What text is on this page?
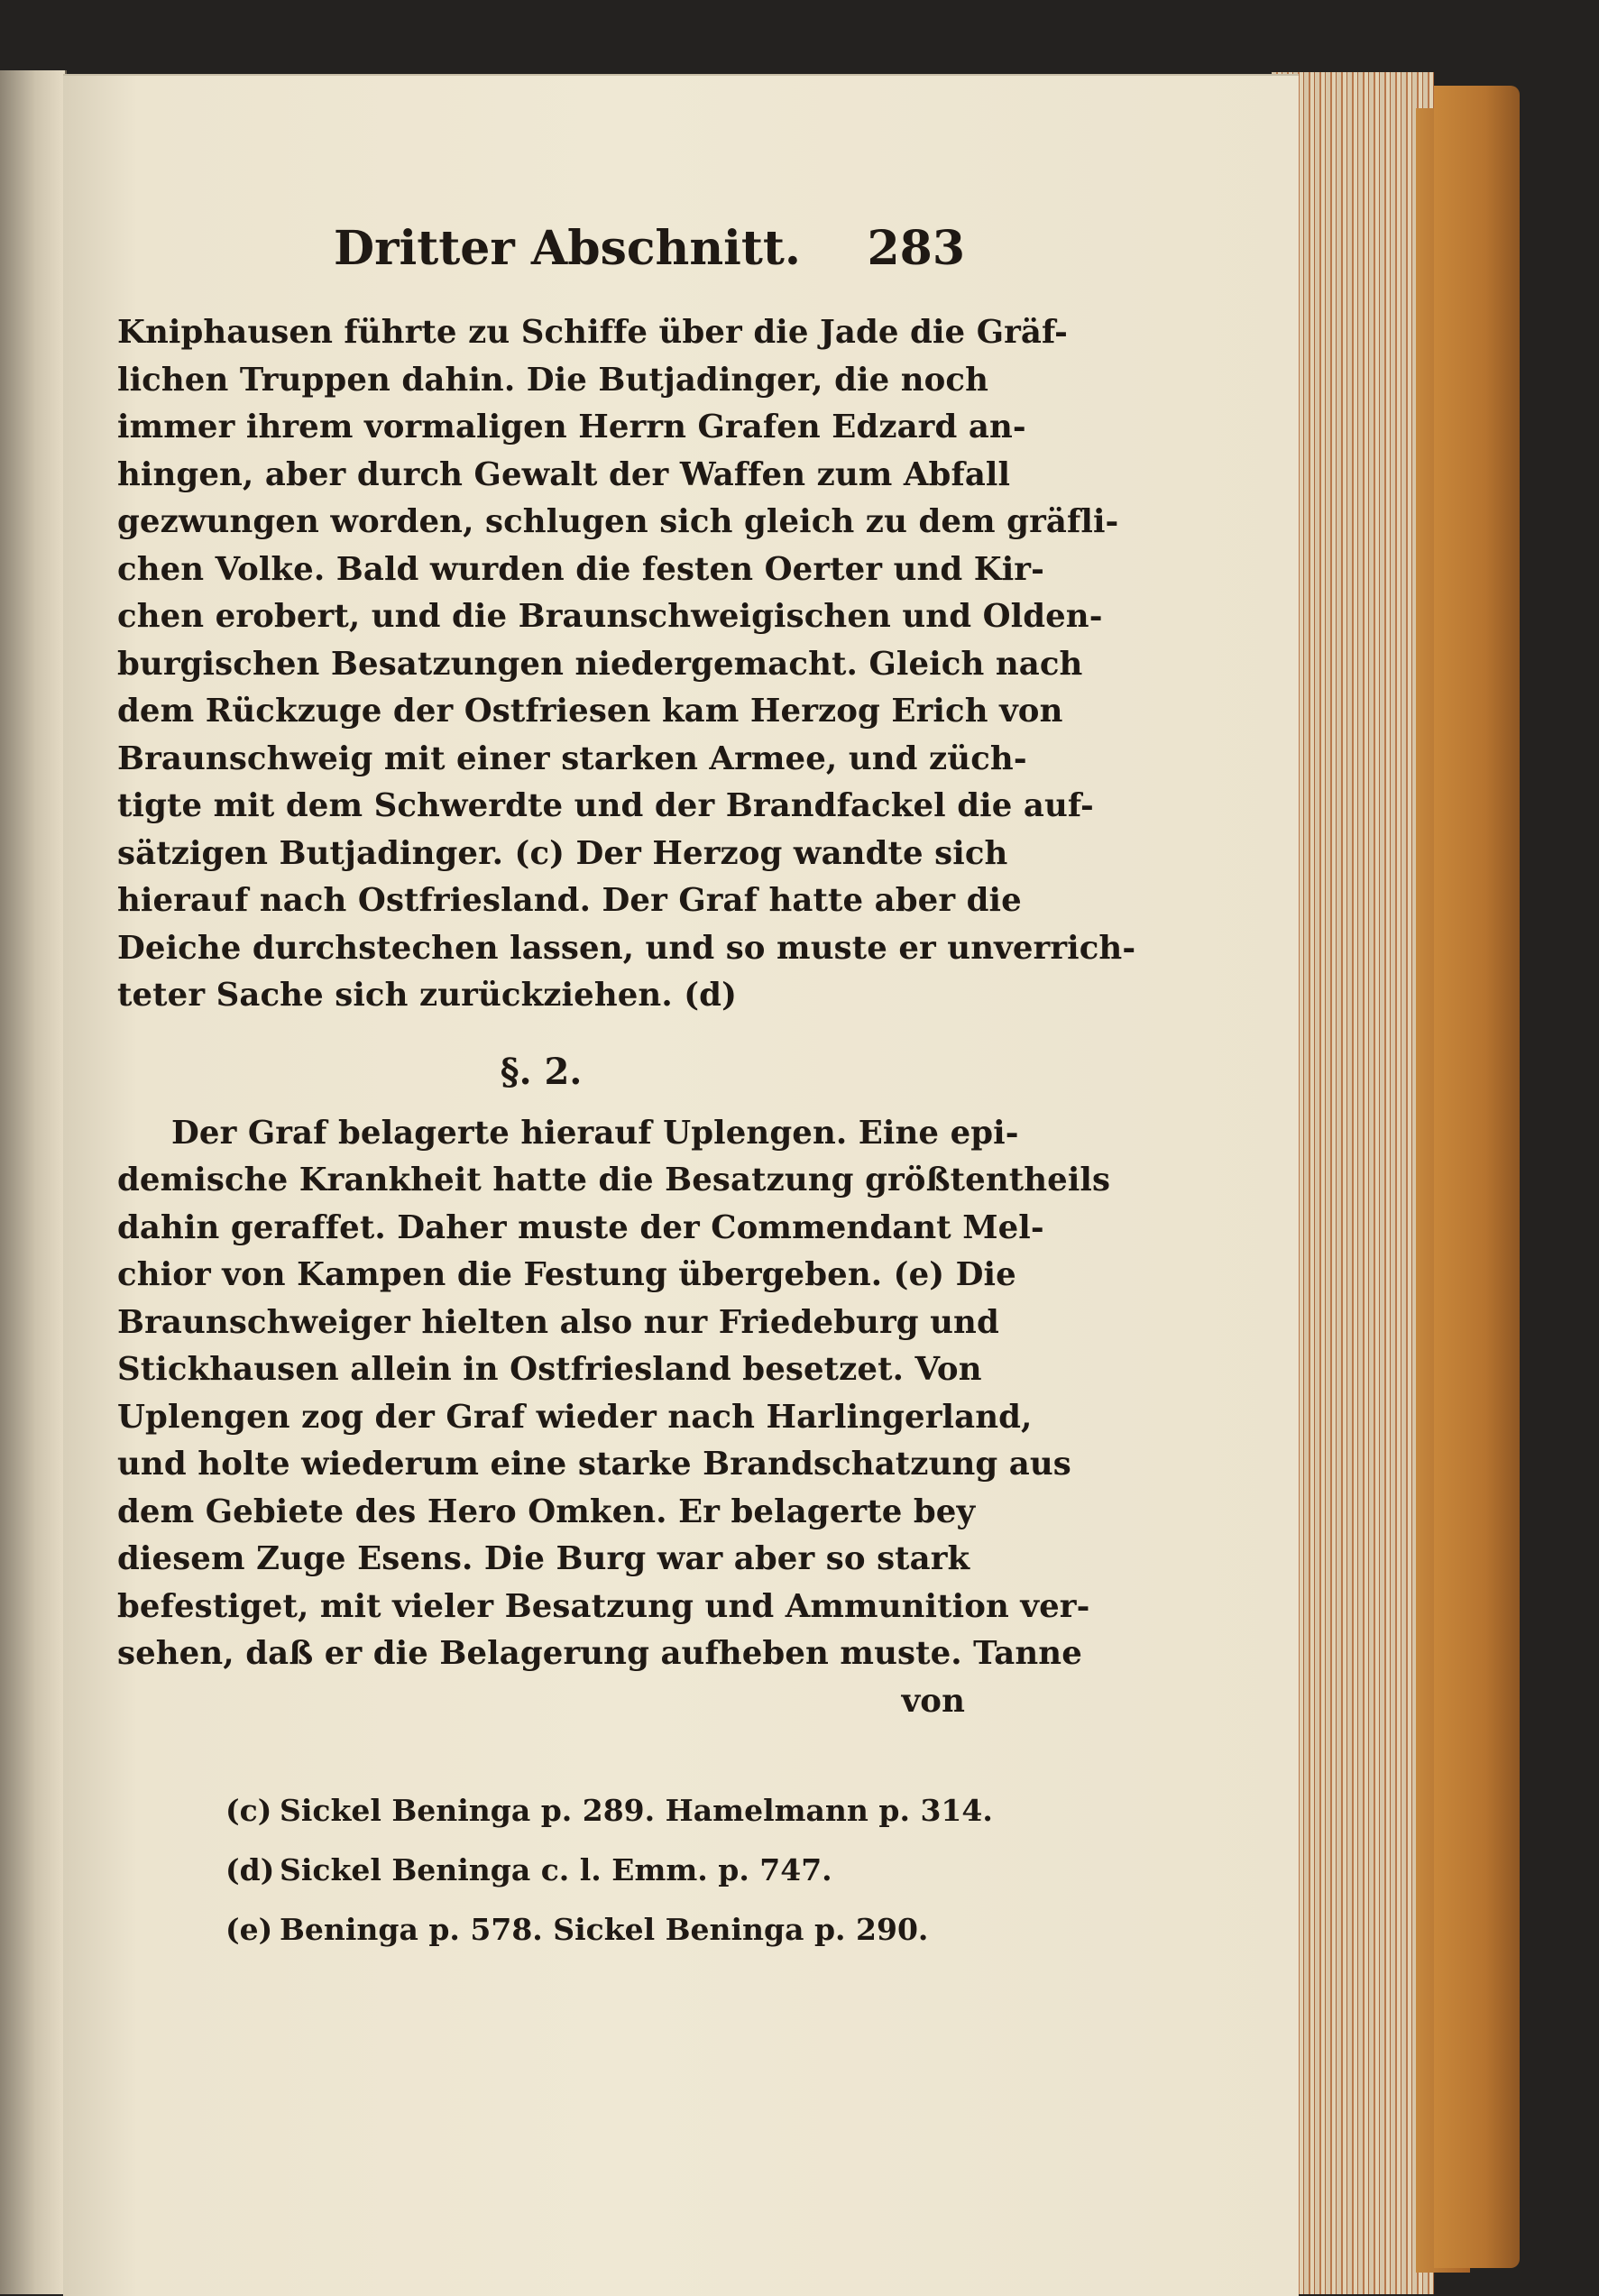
Dritter Abschnitt. 283
Kniphausen führte zu Schiffe über die Jade die Gräf-
lichen Truppen dahin. Die Butjadinger, die noch
immer ihrem vormaligen Herrn Grafen Edzard an-
hingen, aber durch Gewalt der Waffen zum Abfall
gezwungen worden, schlugen sich gleich zu dem gräfli-
chen Volke. Bald wurden die festen Oerter und Kir-
chen erobert, und die Braunschweigischen und Olden-
burgischen Besatzungen niedergemacht. Gleich nach
dem Rückzuge der Ostfriesen kam Herzog Erich von
Braunschweig mit einer starken Armee, und züch-
tigte mit dem Schwerdte und der Brandfackel die auf-
sätzigen Butjadinger. (c) Der Herzog wandte sich
hierauf nach Ostfriesland. Der Graf hatte aber die
Deiche durchstechen lassen, und so muste er unverrich-
teter Sache sich zurückziehen. (d)
§. 2.
Der Graf belagerte hierauf Uplengen. Eine epi-
demische Krankheit hatte die Besatzung größtentheils
dahin geraffet. Daher muste der Commendant Mel-
chior von Kampen die Festung übergeben. (e) Die
Braunschweiger hielten also nur Friedeburg und
Stickhausen allein in Ostfriesland besetzet. Von
Uplengen zog der Graf wieder nach Harlingerland,
und holte wiederum eine starke Brandschatzung aus
dem Gebiete des Hero Omken. Er belagerte bey
diesem Zuge Esens. Die Burg war aber so stark
befestiget, mit vieler Besatzung und Ammunition ver-
sehen, daß er die Belagerung aufheben muste. Tanne
von
(c) Sickel Beninga p. 289. Hamelmann p. 314.
(d) Sickel Beninga c. l. Emm. p. 747.
(e) Beninga p. 578. Sickel Beninga p. 290.
